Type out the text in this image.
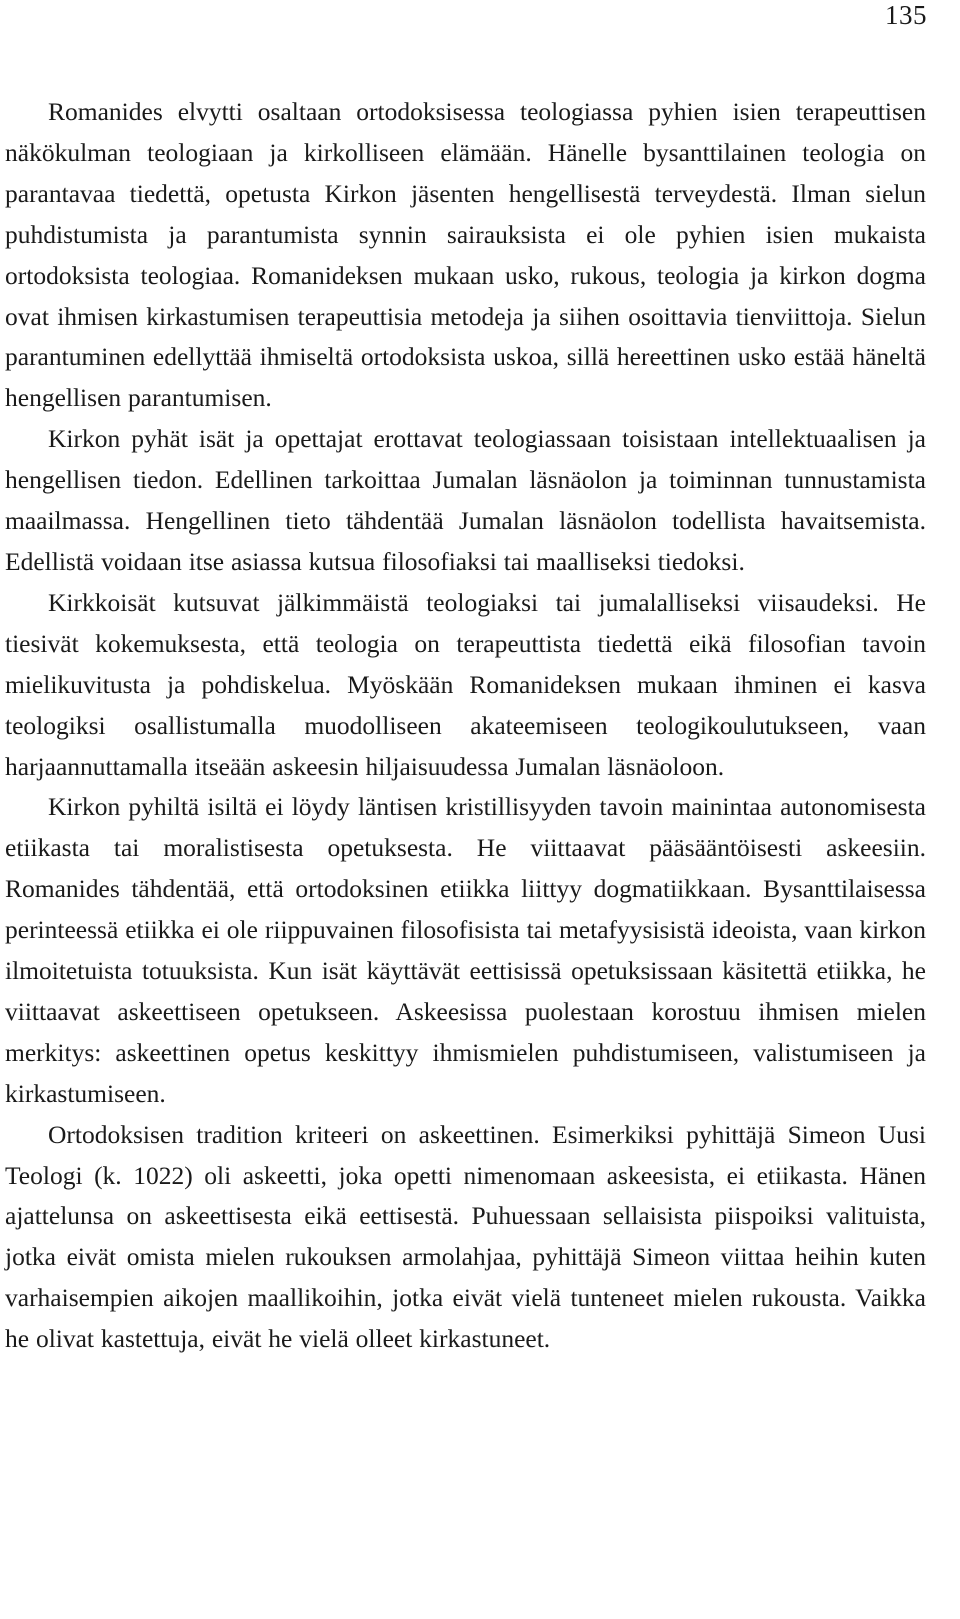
135

Romanides elvytti osaltaan ortodoksisessa teologiassa pyhien isien terapeuttisen näkökulman teologiaan ja kirkolliseen elämään. Hänelle bysanttilainen teologia on parantavaa tiedettä, opetusta Kirkon jäsenten hengellisestä terveydestä. Ilman sielun puhdistumista ja parantumista synnin sairauksista ei ole pyhien isien mukaista ortodoksista teologiaa. Romanideksen mukaan usko, rukous, teologia ja kirkon dogma ovat ihmisen kirkastumisen terapeuttisia metodeja ja siihen osoittavia tienviittoja. Sielun parantuminen edellyttää ihmiseltä ortodoksista uskoa, sillä hereettinen usko estää häneltä hengellisen parantumisen.

Kirkon pyhät isät ja opettajat erottavat teologiassaan toisistaan intellektuaalisen ja hengellisen tiedon. Edellinen tarkoittaa Jumalan läsnäolon ja toiminnan tunnustamista maailmassa. Hengellinen tieto tähdentää Jumalan läsnäolon todellista havaitsemista. Edellistä voidaan itse asiassa kutsua filosofiaksi tai maalliseksi tiedoksi.

Kirkkoisät kutsuvat jälkimmäistä teologiaksi tai jumalalliseksi viisaudeksi. He tiesivät kokemuksesta, että teologia on terapeuttista tiedettä eikä filosofian tavoin mielikuvitusta ja pohdiskelua. Myöskään Romanideksen mukaan ihminen ei kasva teologiksi osallistumalla muodolliseen akateemiseen teologikoulutukseen, vaan harjaannuttamalla itseään askeesin hiljaisuudessa Jumalan läsnäoloon.

Kirkon pyhiltä isiltä ei löydy läntisen kristillisyyden tavoin mainintaa autonomisesta etiikasta tai moralistisesta opetuksesta. He viittaavat pääsääntöisesti askeesiin. Romanides tähdentää, että ortodoksinen etiikka liittyy dogmatiikkaan. Bysanttilaisessa perinteessä etiikka ei ole riippuvainen filosofisista tai metafyysisistä ideoista, vaan kirkon ilmoitetuista totuuksista. Kun isät käyttävät eettisissä opetuksissaan käsitettä etiikka, he viittaavat askeettiseen opetukseen. Askeesissa puolestaan korostuu ihmisen mielen merkitys: askeettinen opetus keskittyy ihmismielen puhdistumiseen, valistumiseen ja kirkastumiseen.

Ortodoksisen tradition kriteeri on askeettinen. Esimerkiksi pyhittäjä Simeon Uusi Teologi (k. 1022) oli askeetti, joka opetti nimenomaan askeesista, ei etiikasta. Hänen ajattelunsa on askeettisesta eikä eettisestä. Puhuessaan sellaisista piispoiksi valituista, jotka eivät omista mielen rukouksen armolahjaa, pyhittäjä Simeon viittaa heihin kuten varhaisempien aikojen maallikoihin, jotka eivät vielä tunteneet mielen rukousta. Vaikka he olivat kastettuja, eivät he vielä olleet kirkastuneet.
